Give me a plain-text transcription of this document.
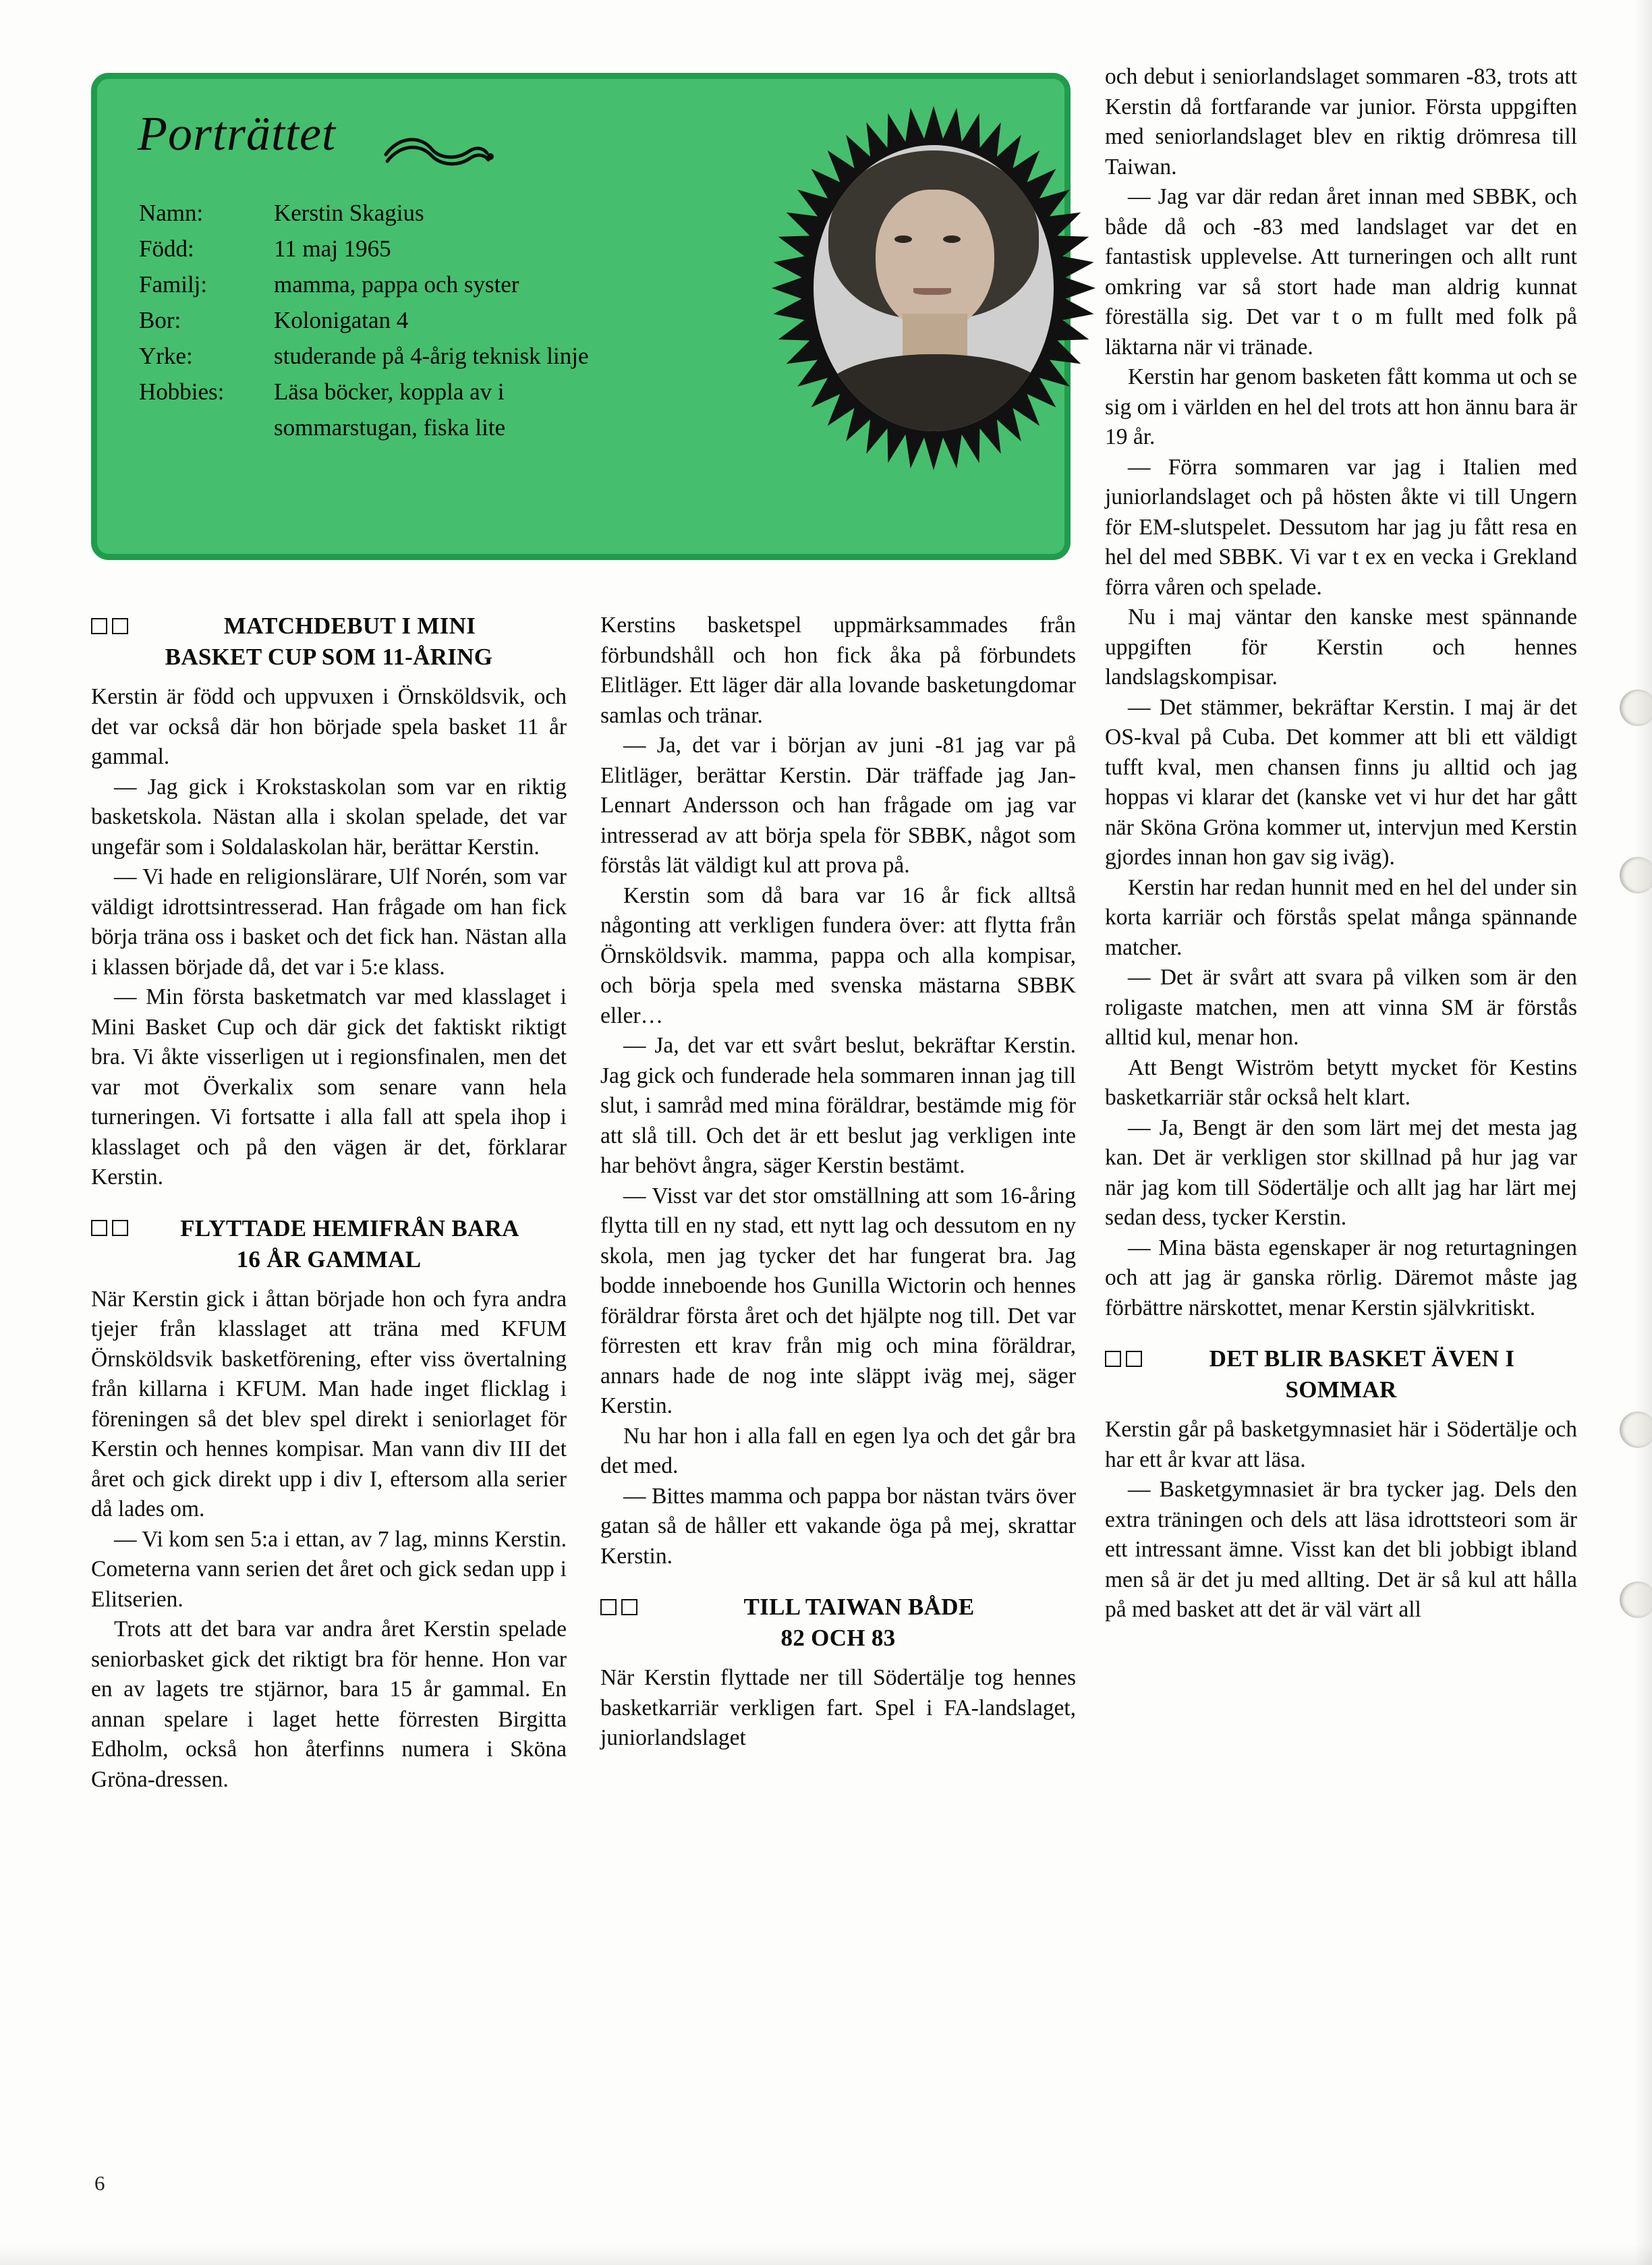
Porträttet
Namn:	Kerstin Skagius
Född:	11 maj 1965
Familj:	mamma, pappa och syster
Bor:	Kolonigatan 4
Yrke:	studerande på 4-årig teknisk linje
Hobbies:	Läsa böcker, koppla av i sommarstugan, fiska lite
MATCHDEBUT I MINI
BASKET CUP SOM 11-ÅRING

Kerstin är född och uppvuxen i Örnsköldsvik, och det var också där hon började spela basket 11 år gammal.

— Jag gick i Krokstaskolan som var en riktig basketskola. Nästan alla i skolan spelade, det var ungefär som i Soldalaskolan här, berättar Kerstin.

— Vi hade en religionslärare, Ulf Norén, som var väldigt idrottsintresserad. Han frågade om han fick börja träna oss i basket och det fick han. Nästan alla i klassen började då, det var i 5:e klass.

— Min första basketmatch var med klasslaget i Mini Basket Cup och där gick det faktiskt riktigt bra. Vi åkte visserligen ut i regionsfinalen, men det var mot Överkalix som senare vann hela turneringen. Vi fortsatte i alla fall att spela ihop i klasslaget och på den vägen är det, förklarar Kerstin.

FLYTTADE HEMIFRÅN BARA
16 ÅR GAMMAL

När Kerstin gick i åttan började hon och fyra andra tjejer från klasslaget att träna med KFUM Örnsköldsvik basketförening, efter viss övertalning från killarna i KFUM. Man hade inget flicklag i föreningen så det blev spel direkt i seniorlaget för Kerstin och hennes kompisar. Man vann div III det året och gick direkt upp i div I, eftersom alla serier då lades om.

— Vi kom sen 5:a i ettan, av 7 lag, minns Kerstin. Cometerna vann serien det året och gick sedan upp i Elitserien.

Trots att det bara var andra året Kerstin spelade seniorbasket gick det riktigt bra för henne. Hon var en av lagets tre stjärnor, bara 15 år gammal. En annan spelare i laget hette förresten Birgitta Edholm, också hon återfinns numera i Sköna Gröna-dressen.

Kerstins basketspel uppmärksammades från förbundshåll och hon fick åka på förbundets Elitläger. Ett läger där alla lovande basketungdomar samlas och tränar.

— Ja, det var i början av juni -81 jag var på Elitläger, berättar Kerstin. Där träffade jag Jan-Lennart Andersson och han frågade om jag var intresserad av att börja spela för SBBK, något som förstås lät väldigt kul att prova på.

Kerstin som då bara var 16 år fick alltså någonting att verkligen fundera över: att flytta från Örnsköldsvik. mamma, pappa och alla kompisar, och börja spela med svenska mästarna SBBK eller…

— Ja, det var ett svårt beslut, bekräftar Kerstin. Jag gick och funderade hela sommaren innan jag till slut, i samråd med mina föräldrar, bestämde mig för att slå till. Och det är ett beslut jag verkligen inte har behövt ångra, säger Kerstin bestämt.

— Visst var det stor omställning att som 16-åring flytta till en ny stad, ett nytt lag och dessutom en ny skola, men jag tycker det har fungerat bra. Jag bodde inneboende hos Gunilla Wictorin och hennes föräldrar första året och det hjälpte nog till. Det var förresten ett krav från mig och mina föräldrar, annars hade de nog inte släppt iväg mej, säger Kerstin.

Nu har hon i alla fall en egen lya och det går bra det med.

— Bittes mamma och pappa bor nästan tvärs över gatan så de håller ett vakande öga på mej, skrattar Kerstin.

TILL TAIWAN BÅDE
82 OCH 83

När Kerstin flyttade ner till Södertälje tog hennes basketkarriär verkligen fart. Spel i FA-landslaget, juniorlandslaget

och debut i seniorlandslaget sommaren -83, trots att Kerstin då fortfarande var junior. Första uppgiften med seniorlandslaget blev en riktig drömresa till Taiwan.

— Jag var där redan året innan med SBBK, och både då och -83 med landslaget var det en fantastisk upplevelse. Att turneringen och allt runt omkring var så stort hade man aldrig kunnat föreställa sig. Det var t o m fullt med folk på läktarna när vi tränade.

Kerstin har genom basketen fått komma ut och se sig om i världen en hel del trots att hon ännu bara är 19 år.

— Förra sommaren var jag i Italien med juniorlandslaget och på hösten åkte vi till Ungern för EM-slutspelet. Dessutom har jag ju fått resa en hel del med SBBK. Vi var t ex en vecka i Grekland förra våren och spelade.

Nu i maj väntar den kanske mest spännande uppgiften för Kerstin och hennes landslagskompisar.

— Det stämmer, bekräftar Kerstin. I maj är det OS-kval på Cuba. Det kommer att bli ett väldigt tufft kval, men chansen finns ju alltid och jag hoppas vi klarar det (kanske vet vi hur det har gått när Sköna Gröna kommer ut, intervjun med Kerstin gjordes innan hon gav sig iväg).

Kerstin har redan hunnit med en hel del under sin korta karriär och förstås spelat många spännande matcher.

— Det är svårt att svara på vilken som är den roligaste matchen, men att vinna SM är förstås alltid kul, menar hon.

Att Bengt Wiström betytt mycket för Kestins basketkarriär står också helt klart.

— Ja, Bengt är den som lärt mej det mesta jag kan. Det är verkligen stor skillnad på hur jag var när jag kom till Södertälje och allt jag har lärt mej sedan dess, tycker Kerstin.

— Mina bästa egenskaper är nog returtagningen och att jag är ganska rörlig. Däremot måste jag förbättre närskottet, menar Kerstin självkritiskt.

DET BLIR BASKET ÄVEN I
SOMMAR

Kerstin går på basketgymnasiet här i Södertälje och har ett år kvar att läsa.

— Basketgymnasiet är bra tycker jag. Dels den extra träningen och dels att läsa idrottsteori som är ett intressant ämne. Visst kan det bli jobbigt ibland men så är det ju med allting. Det är så kul att hålla på med basket att det är väl värt all

6
